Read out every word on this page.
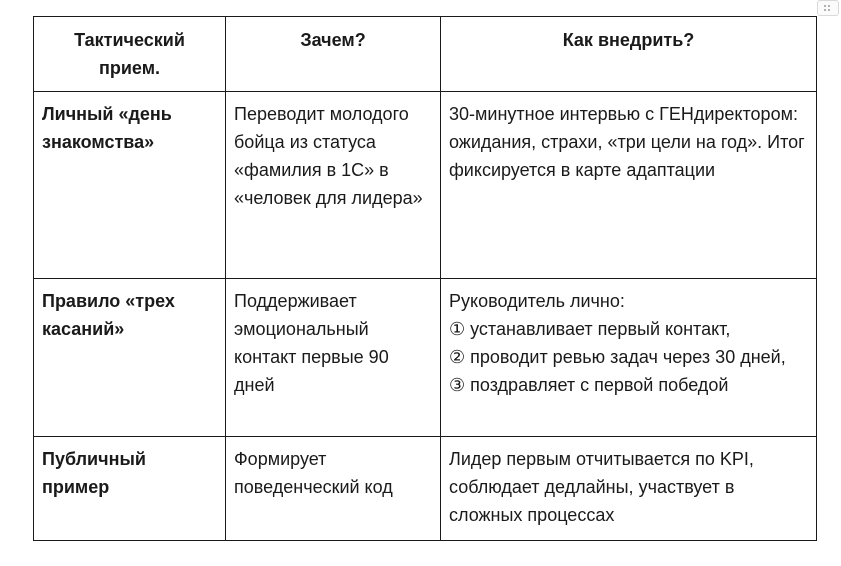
Тактический прием.	Зачем?	Как внедрить?
Личный «день знакомства»	Переводит молодого бойца из статуса «фамилия в 1С» в «человек для лидера»	30-минутное интервью с ГЕНдиректором: ожидания, страхи, «три цели на год». Итог фиксируется в карте адаптации

Правило «трех касаний»	Поддерживает эмоциональный контакт первые 90 дней	Руководитель лично:
① устанавливает первый контакт,
② проводит ревью задач через 30 дней,
③ поздравляет с первой победой

Публичный пример	Формирует поведенческий код	Лидер первым отчитывается по KPI, соблюдает дедлайны, участвует в сложных процессах
